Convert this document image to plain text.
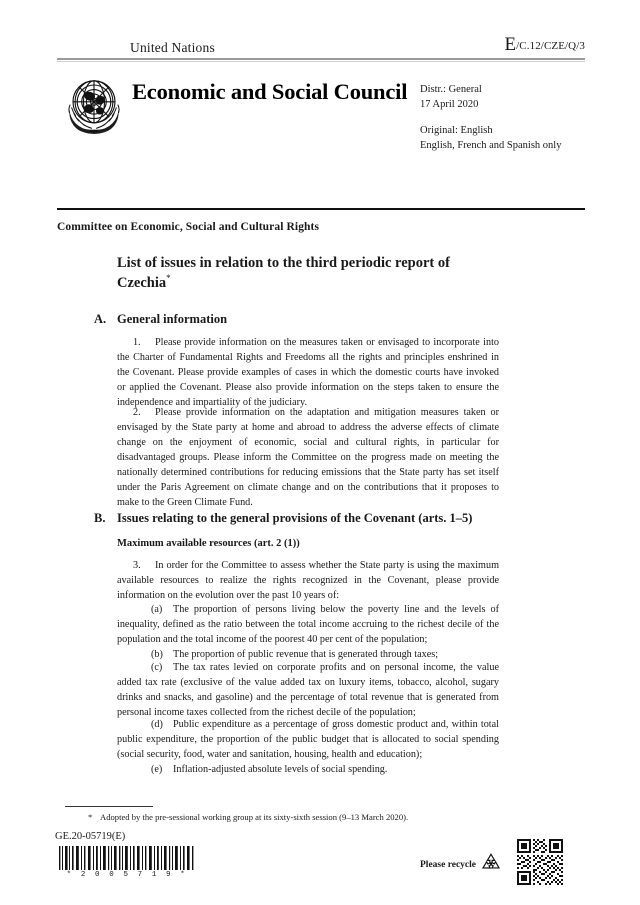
United Nations	E/C.12/CZE/Q/3
Economic and Social Council	Distr.: General
17 April 2020
Original: English
English, French and Spanish only
Committee on Economic, Social and Cultural Rights
List of issues in relation to the third periodic report of Czechia*
A. General information
1. Please provide information on the measures taken or envisaged to incorporate into the Charter of Fundamental Rights and Freedoms all the rights and principles enshrined in the Covenant. Please provide examples of cases in which the domestic courts have invoked or applied the Covenant. Please also provide information on the steps taken to ensure the independence and impartiality of the judiciary.
2. Please provide information on the adaptation and mitigation measures taken or envisaged by the State party at home and abroad to address the adverse effects of climate change on the enjoyment of economic, social and cultural rights, in particular for disadvantaged groups. Please inform the Committee on the progress made on meeting the nationally determined contributions for reducing emissions that the State party has set itself under the Paris Agreement on climate change and on the contributions that it proposes to make to the Green Climate Fund.
B. Issues relating to the general provisions of the Covenant (arts. 1–5)
Maximum available resources (art. 2 (1))
3. In order for the Committee to assess whether the State party is using the maximum available resources to realize the rights recognized in the Covenant, please provide information on the evolution over the past 10 years of:
(a) The proportion of persons living below the poverty line and the levels of inequality, defined as the ratio between the total income accruing to the richest decile of the population and the total income of the poorest 40 per cent of the population;
(b) The proportion of public revenue that is generated through taxes;
(c) The tax rates levied on corporate profits and on personal income, the value added tax rate (exclusive of the value added tax on luxury items, tobacco, alcohol, sugary drinks and snacks, and gasoline) and the percentage of total revenue that is generated from personal income taxes collected from the richest decile of the population;
(d) Public expenditure as a percentage of gross domestic product and, within total public expenditure, the proportion of the public budget that is allocated to social spending (social security, food, water and sanitation, housing, health and education);
(e) Inflation-adjusted absolute levels of social spending.
* Adopted by the pre-sessional working group at its sixty-sixth session (9–13 March 2020).
GE.20-05719(E)
* 2 0 0 5 7 1 9 *
Please recycle
